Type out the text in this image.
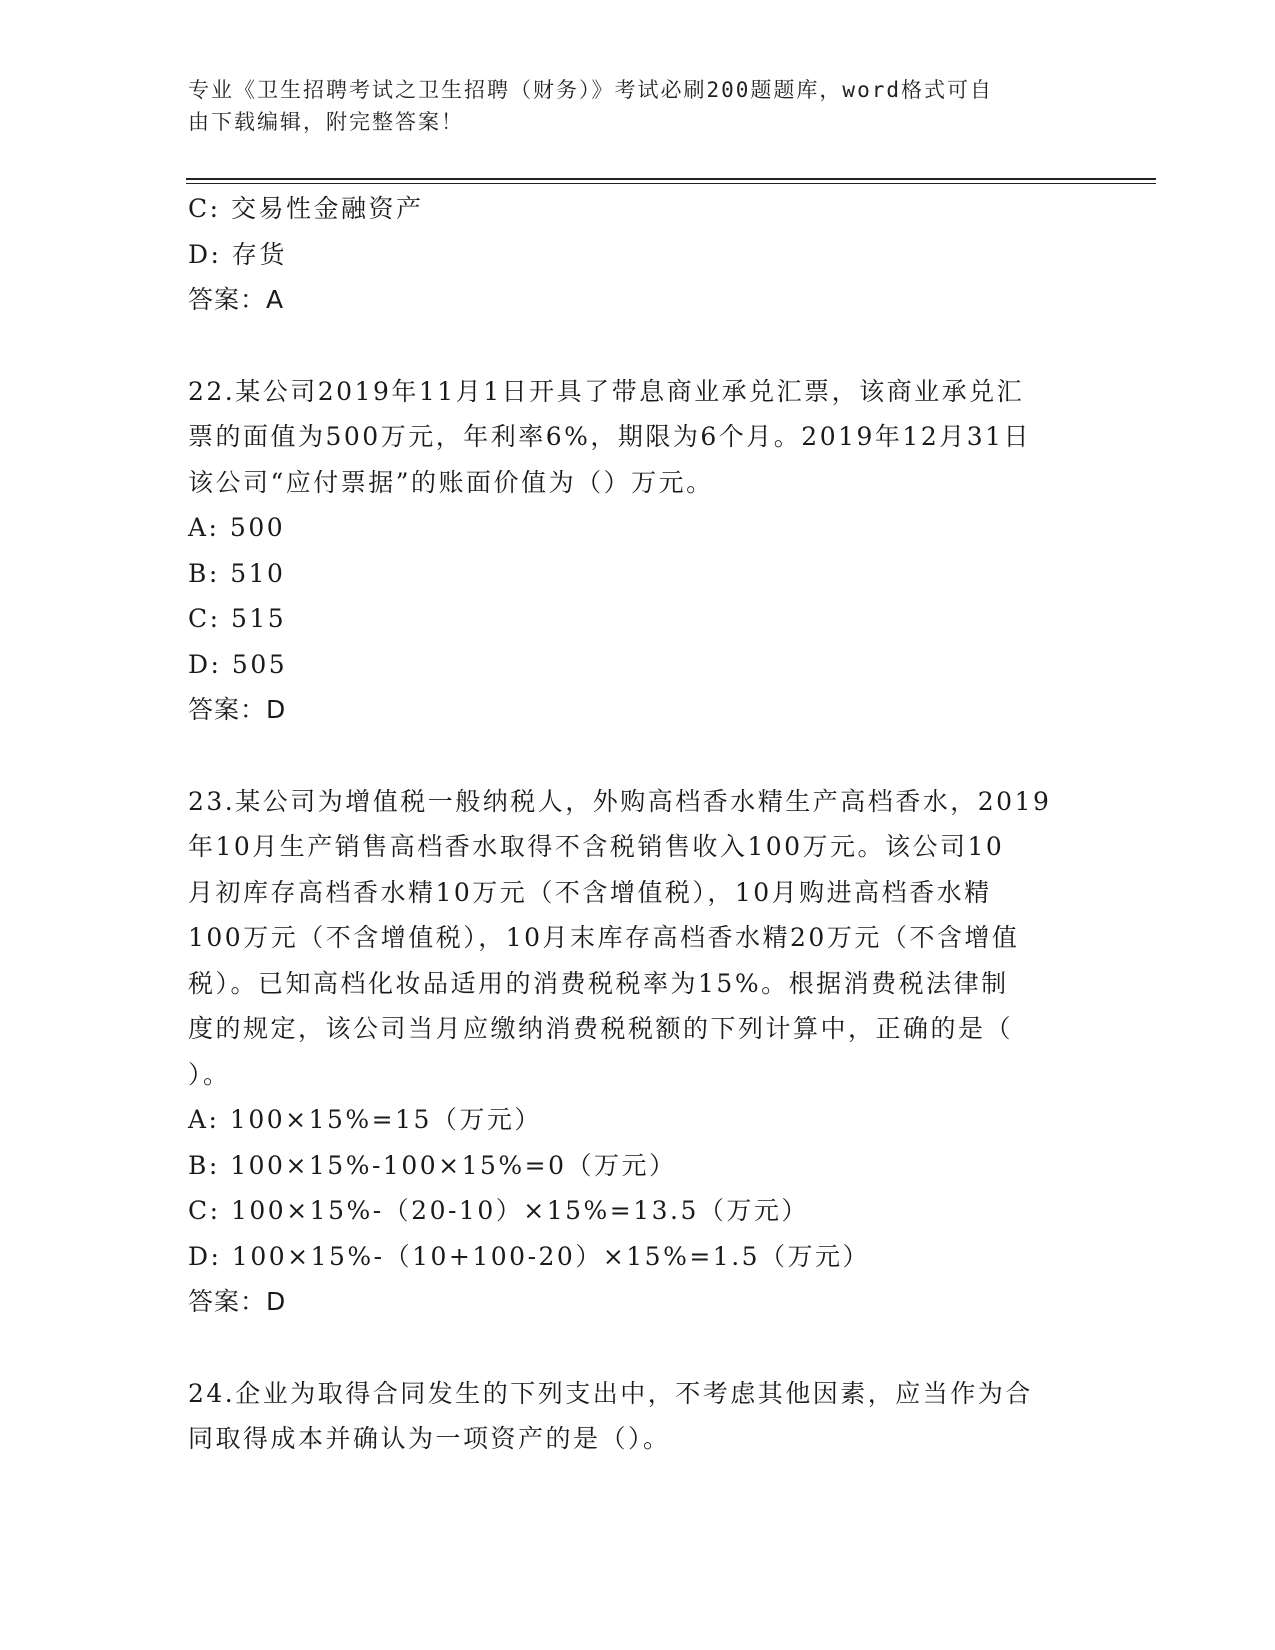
专业《卫生招聘考试之卫生招聘（财务）》考试必刷200题题库，word格式可自
由下载编辑，附完整答案！
C: 交易性金融资产
D: 存货
答案：A
22.某公司2019年11月1日开具了带息商业承兑汇票，该商业承兑汇
票的面值为500万元，年利率6%，期限为6个月。2019年12月31日
该公司“应付票据”的账面价值为（）万元。
A: 500
B: 510
C: 515
D: 505
答案：D
23.某公司为增值税一般纳税人，外购高档香水精生产高档香水，2019
年10月生产销售高档香水取得不含税销售收入100万元。该公司10
月初库存高档香水精10万元（不含增值税），10月购进高档香水精
100万元（不含增值税），10月末库存高档香水精20万元（不含增值
税）。已知高档化妆品适用的消费税税率为15%。根据消费税法律制
度的规定，该公司当月应缴纳消费税税额的下列计算中，正确的是（
）。
A: 100×15%=15（万元）
B: 100×15%-100×15%=0（万元）
C: 100×15%-（20-10）×15%=13.5（万元）
D: 100×15%-（10+100-20）×15%=1.5（万元）
答案：D
24.企业为取得合同发生的下列支出中，不考虑其他因素，应当作为合
同取得成本并确认为一项资产的是（）。
